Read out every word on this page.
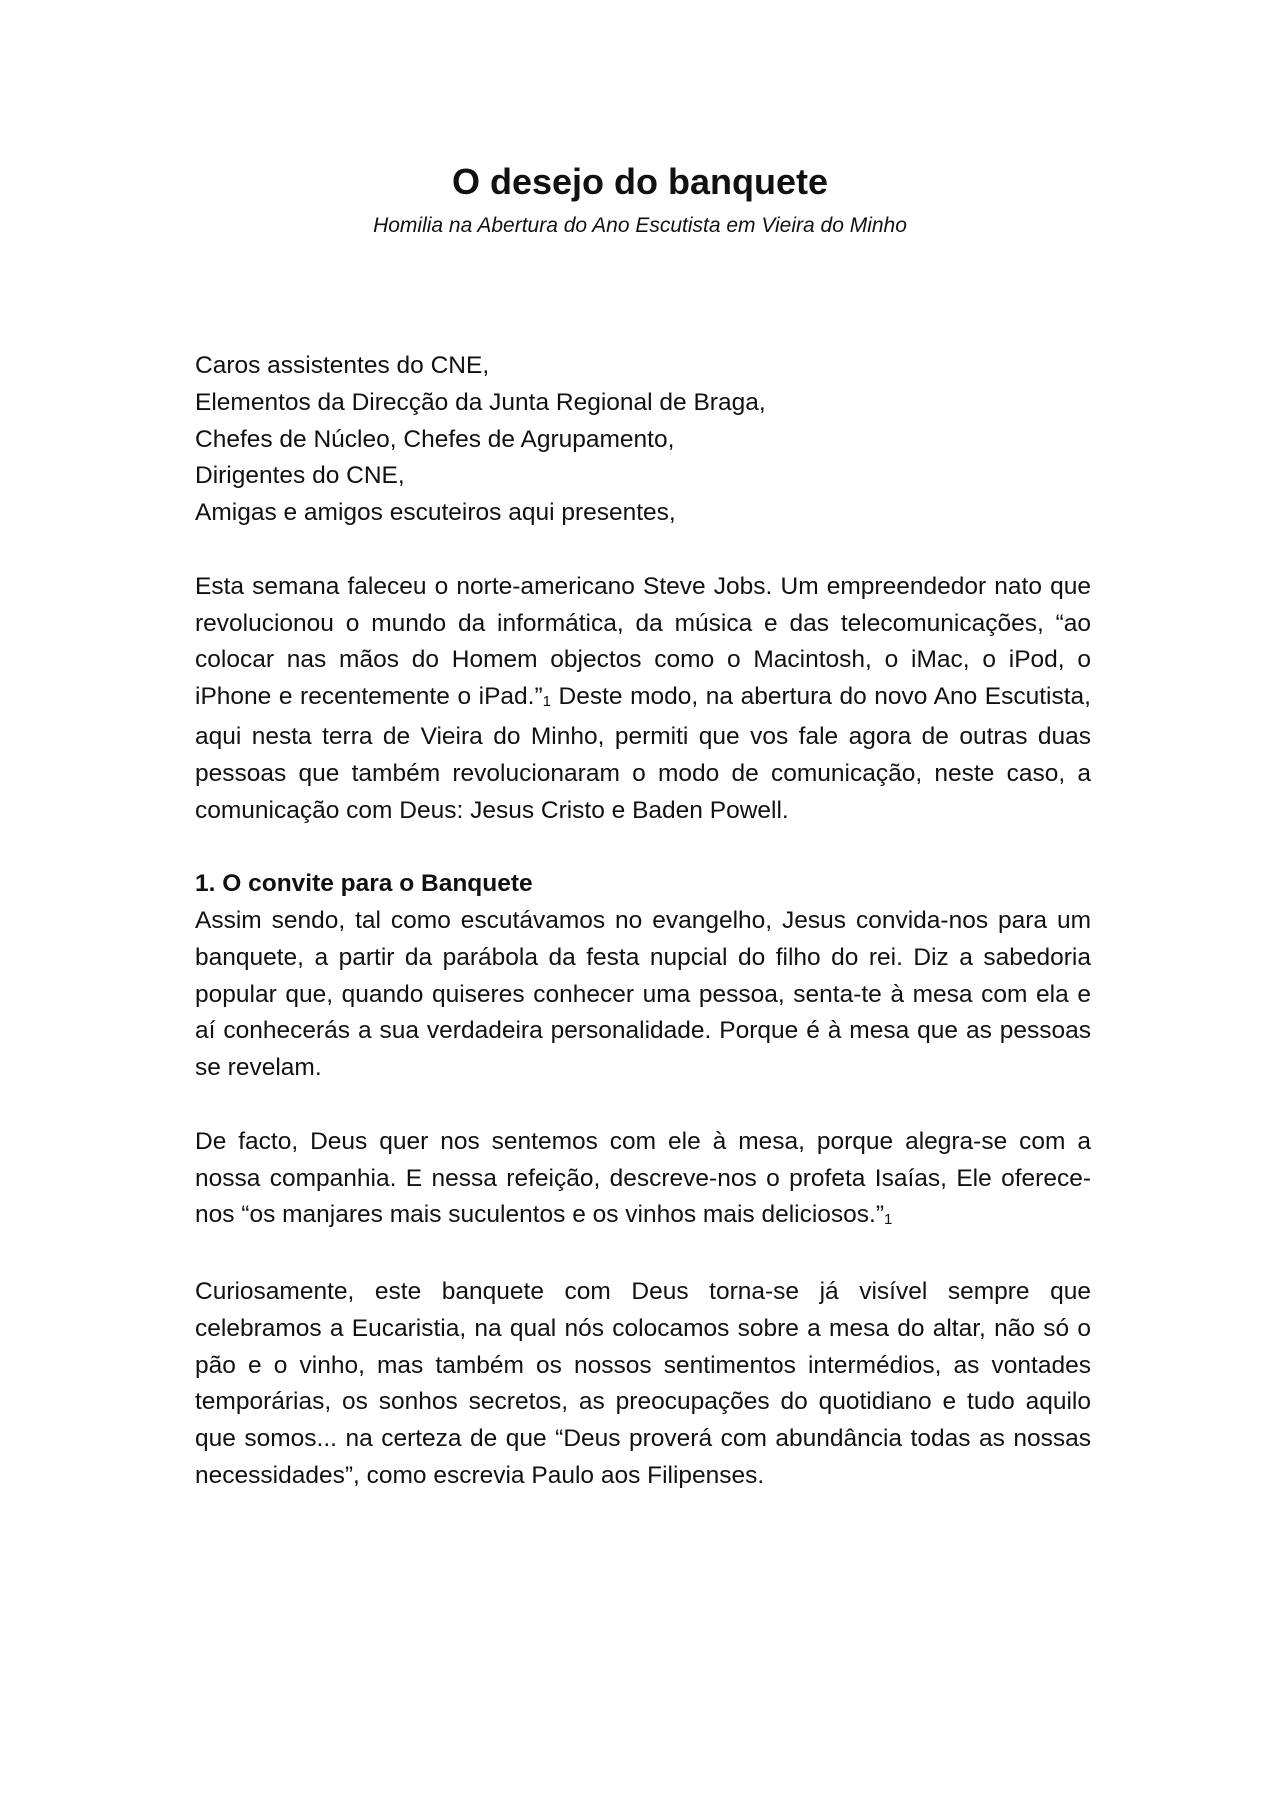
O desejo do banquete

Homilia na Abertura do Ano Escutista em Vieira do Minho

Caros assistentes do CNE,
Elementos da Direcção da Junta Regional de Braga,
Chefes de Núcleo, Chefes de Agrupamento,
Dirigentes do CNE,
Amigas e amigos escuteiros aqui presentes,

Esta semana faleceu o norte-americano Steve Jobs. Um empreendedor nato que revolucionou o mundo da informática, da música e das telecomunicações, “ao colocar nas mãos do Homem objectos como o Macintosh, o iMac, o iPod, o iPhone e recentemente o iPad.”$^1$ Deste modo, na abertura do novo Ano Escutista, aqui nesta terra de Vieira do Minho, permiti que vos fale agora de outras duas pessoas que também revolucionaram o modo de comunicação, neste caso, a comunicação com Deus: Jesus Cristo e Baden Powell.

1. O convite para o Banquete

Assim sendo, tal como escutávamos no evangelho, Jesus convida-nos para um banquete, a partir da parábola da festa nupcial do filho do rei. Diz a sabedoria popular que, quando quiseres conhecer uma pessoa, senta-te à mesa com ela e aí conhecerás a sua verdadeira personalidade. Porque é à mesa que as pessoas se revelam.

De facto, Deus quer nos sentemos com ele à mesa, porque alegra-se com a nossa companhia. E nessa refeição, descreve-nos o profeta Isaías, Ele oferece-nos “os manjares mais suculentos e os vinhos mais deliciosos.”$^1$

Curiosamente, este banquete com Deus torna-se já visível sempre que celebramos a Eucaristia, na qual nós colocamos sobre a mesa do altar, não só o pão e o vinho, mas também os nossos sentimentos intermédios, as vontades temporárias, os sonhos secretos, as preocupações do quotidiano e tudo aquilo que somos... na certeza de que “Deus proverá com abundância todas as nossas necessidades”, como escrevia Paulo aos Filipenses.
